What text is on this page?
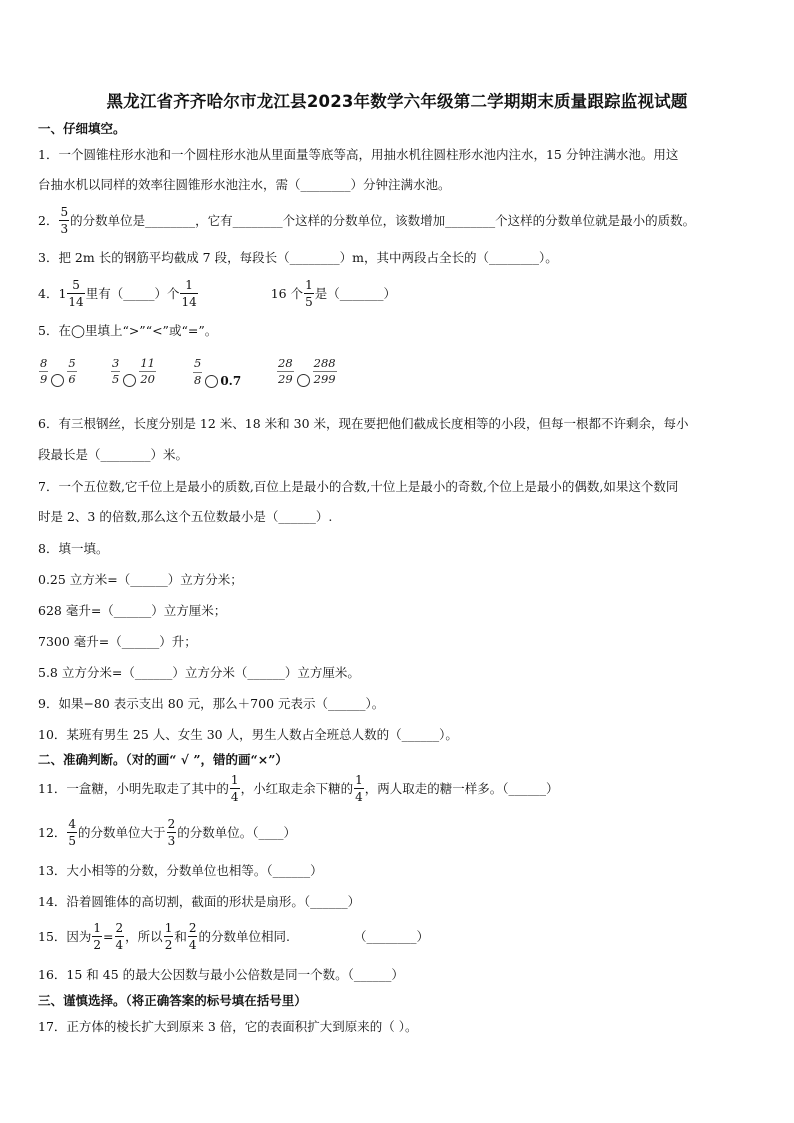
黑龙江省齐齐哈尔市龙江县2023年数学六年级第二学期期末质量跟踪监视试题
一、仔细填空。
1．一个圆锥柱形水池和一个圆柱形水池从里面量等底等高，用抽水机往圆柱形水池内注水，15 分钟注满水池。用这
台抽水机以同样的效率往圆锥形水池注水，需（________）分钟注满水池。
2． $\frac{5}{3}$ 的分数单位是________，它有________个这样的分数单位，该数增加________个这样的分数单位就是最小的质数。
3．把 2m 长的钢筋平均截成 7 段，每段长（________）m，其中两段占全长的（________）。
4． $1 \frac{5}{14}$ 里有（_____）个 $\frac{1}{14}$	16 个 $\frac{1}{5}$ 是（_______）
5．在◯里填上“>”“<”或“=”。
$\frac{8}{9} \frac{5}{6}$	$\frac{3}{5} \frac{11}{20}$	$\frac{5}{8} 0.7$	$\frac{28}{29} \frac{288}{299}$
6．有三根钢丝，长度分别是 12 米、18 米和 30 米，现在要把他们截成长度相等的小段，但每一根都不许剩余，每小
段最长是（________）米。
7．一个五位数,它千位上是最小的质数,百位上是最小的合数,十位上是最小的奇数,个位上是最小的偶数,如果这个数同
时是 2、3 的倍数,那么这个五位数最小是（______）.
8．填一填。
0.25 立方米=（______）立方分米；
628 毫升=（______）立方厘米；
7300 毫升=（______）升；
5.8 立方分米=（______）立方分米（______）立方厘米。
9．如果−80 表示支出 80 元，那么＋700 元表示（______）。
10．某班有男生 25 人、女生 30 人，男生人数占全班总人数的（______）。
二、准确判断。（对的画“ √ ”，错的画“×”）
11．一盒糖，小明先取走了其中的 $\frac{1}{4}$ ，小红取走余下糖的 $\frac{1}{4}$ ，两人取走的糖一样多。（______）
12． $\frac{4}{5}$ 的分数单位大于 $\frac{2}{3}$ 的分数单位。（____）
13．大小相等的分数，分数单位也相等。（______）
14．沿着圆锥体的高切割，截面的形状是扇形。（______）
15．因为 $\frac{1}{2} = \frac{2}{4}$ ，所以 $\frac{1}{2}$ 和 $\frac{2}{4}$ 的分数单位相同.	（________）
16．15 和 45 的最大公因数与最小公倍数是同一个数。（______）
三、谨慎选择。（将正确答案的标号填在括号里）
17．正方体的棱长扩大到原来 3 倍，它的表面积扩大到原来的（ ）。
